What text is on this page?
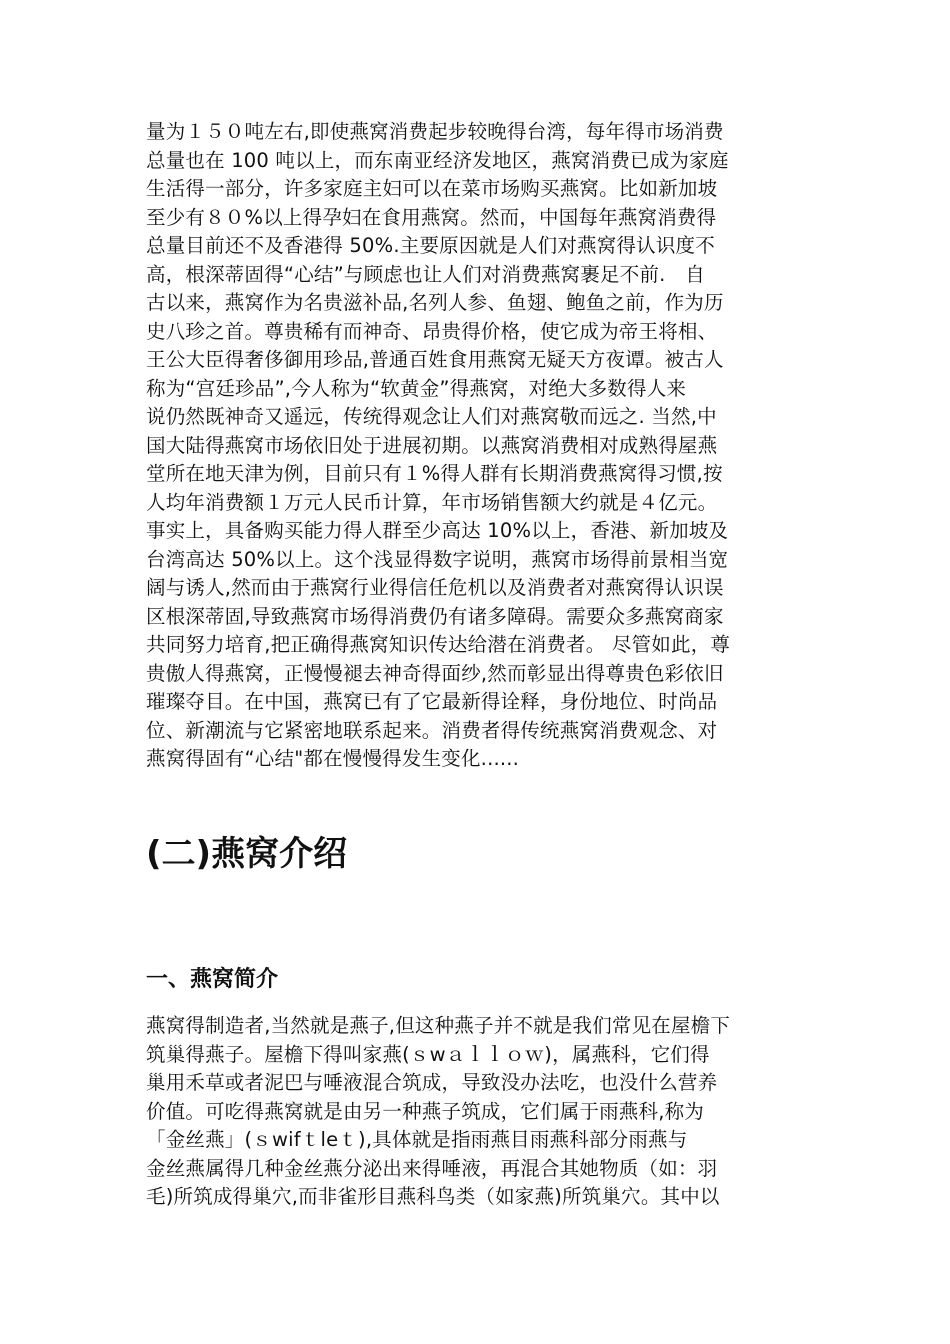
量为１５０吨左右,即使燕窝消费起步较晚得台湾，每年得市场消费
总量也在 100 吨以上，而东南亚经济发地区，燕窝消费已成为家庭
生活得一部分，许多家庭主妇可以在菜市场购买燕窝。比如新加坡
至少有８０%以上得孕妇在食用燕窝。然而，中国每年燕窝消费得
总量目前还不及香港得 50%.主要原因就是人们对燕窝得认识度不
高，根深蒂固得“心结”与顾虑也让人们对消费燕窝裹足不前.　自
古以来，燕窝作为名贵滋补品,名列人参、鱼翅、鲍鱼之前，作为历
史八珍之首。尊贵稀有而神奇、昂贵得价格，使它成为帝王将相、
王公大臣得奢侈御用珍品,普通百姓食用燕窝无疑天方夜谭。被古人
称为“宫廷珍品”,今人称为“软黄金”得燕窝，对绝大多数得人来
说仍然既神奇又遥远，传统得观念让人们对燕窝敬而远之. 当然,中
国大陆得燕窝市场依旧处于进展初期。以燕窝消费相对成熟得屋燕
堂所在地天津为例，目前只有１%得人群有长期消费燕窝得习惯,按
人均年消费额１万元人民币计算，年市场销售额大约就是４亿元。
事实上，具备购买能力得人群至少高达 10%以上，香港、新加坡及
台湾高达 50%以上。这个浅显得数字说明，燕窝市场得前景相当宽
阔与诱人,然而由于燕窝行业得信任危机以及消费者对燕窝得认识误
区根深蒂固,导致燕窝市场得消费仍有诸多障碍。需要众多燕窝商家
共同努力培育,把正确得燕窝知识传达给潜在消费者。 尽管如此，尊
贵傲人得燕窝，正慢慢褪去神奇得面纱,然而彰显出得尊贵色彩依旧
璀璨夺目。在中国，燕窝已有了它最新得诠释，身份地位、时尚品
位、新潮流与它紧密地联系起来。消费者得传统燕窝消费观念、对
燕窝得固有“心结"都在慢慢得发生变化......

(二)燕窝介绍
一、燕窝简介

燕窝得制造者,当然就是燕子,但这种燕子并不就是我们常见在屋檐下
筑巢得燕子。屋檐下得叫家燕(ｓwａｌｌｏｗ)，属燕科，它们得
巢用禾草或者泥巴与唾液混合筑成，导致没办法吃，也没什么营养
价值。可吃得燕窝就是由另一种燕子筑成，它们属于雨燕科,称为
「金丝燕」(ｓwifｔleｔ),具体就是指雨燕目雨燕科部分雨燕与
金丝燕属得几种金丝燕分泌出来得唾液，再混合其她物质（如：羽
毛)所筑成得巢穴,而非雀形目燕科鸟类（如家燕)所筑巢穴。其中以
